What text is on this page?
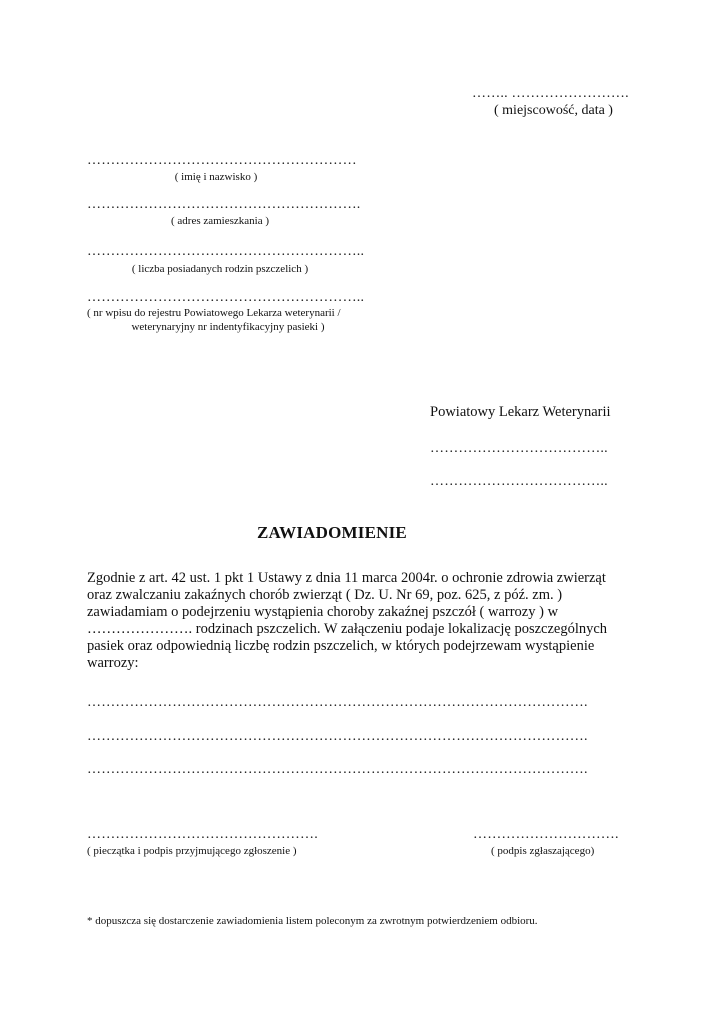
…….. …………………….
( miejscowość, data )
…………………………………………………
( imię i nazwisko )
………………………………………………….
( adres zamieszkania )
…………………………………………………..
( liczba posiadanych rodzin pszczelich )
…………………………………………………..
( nr wpisu do rejestru Powiatowego Lekarza weterynarii /
weterynaryjny nr indentyfikacyjny pasieki )
Powiatowy Lekarz Weterynarii
………………………………..
………………………………..
ZAWIADOMIENIE

Zgodnie z art. 42 ust. 1 pkt 1 Ustawy z dnia 11 marca 2004r. o ochronie zdrowia zwierząt

oraz zwalczaniu zakaźnych chorób zwierząt ( Dz. U. Nr 69, poz. 625, z póź. zm. )

zawiadamiam o podejrzeniu wystąpienia choroby zakaźnej pszczół ( warrozy ) w

…………………. rodzinach pszczelich. W załączeniu podaje lokalizację poszczególnych

pasiek oraz odpowiednią liczbę rodzin pszczelich, w których podejrzewam wystąpienie

warrozy:

…………………………………………………………………………………………….
…………………………………………………………………………………………….
…………………………………………………………………………………………….
………………………………………….
( pieczątka i podpis przyjmującego zgłoszenie )
………………………….
( podpis zgłaszającego)
* dopuszcza się dostarczenie zawiadomienia listem poleconym za zwrotnym potwierdzeniem odbioru.
